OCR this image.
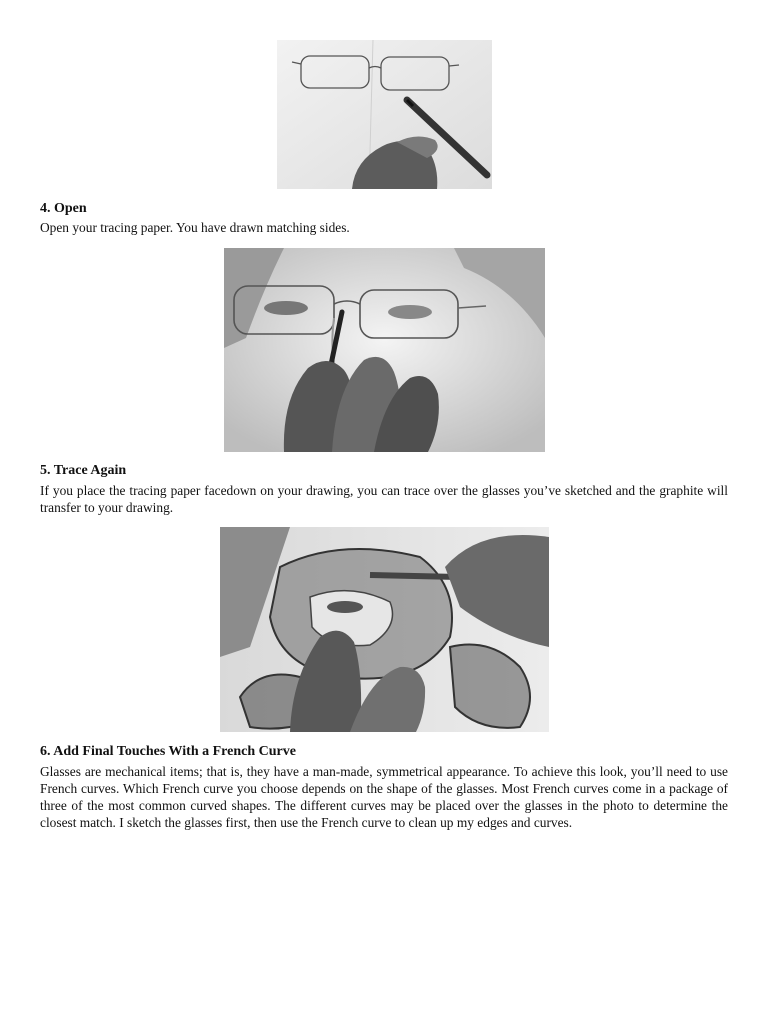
4. Open

Open your tracing paper. You have drawn matching sides.

5. Trace Again

If you place the tracing paper facedown on your drawing, you can trace over the glasses you’ve sketched and the graphite will transfer to your drawing.

6. Add Final Touches With a French Curve

Glasses are mechanical items; that is, they have a man-made, symmetrical appearance. To achieve this look, you’ll need to use French curves. Which French curve you choose depends on the shape of the glasses. Most French curves come in a package of three of the most common curved shapes. The different curves may be placed over the glasses in the photo to determine the closest match. I sketch the glasses first, then use the French curve to clean up my edges and curves.
